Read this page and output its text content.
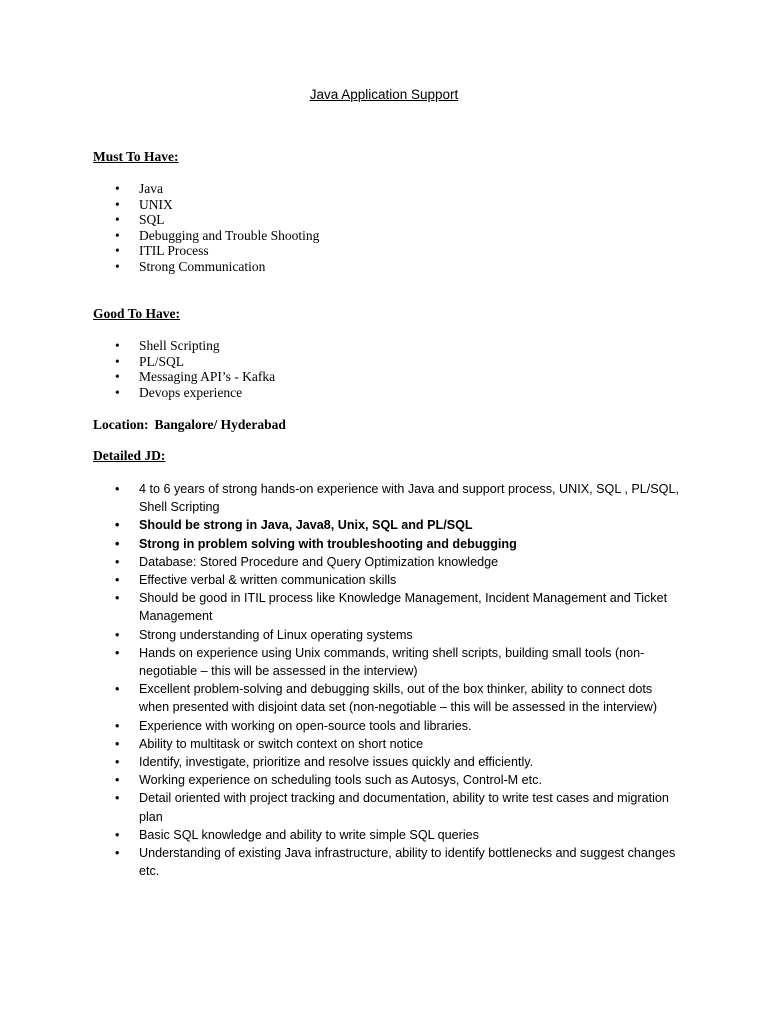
Java Application Support
Must To Have:
• Java
• UNIX
• SQL
• Debugging and Trouble Shooting
• ITIL Process
• Strong Communication
Good To Have:
• Shell Scripting
• PL/SQL
• Messaging API’s - Kafka
• Devops experience
Location: Bangalore/ Hyderabad
Detailed JD:
• 4 to 6 years of strong hands-on experience with Java and support process, UNIX, SQL , PL/SQL, Shell Scripting
• Should be strong in Java, Java8, Unix, SQL and PL/SQL
• Strong in problem solving with troubleshooting and debugging
• Database: Stored Procedure and Query Optimization knowledge
• Effective verbal & written communication skills
• Should be good in ITIL process like Knowledge Management, Incident Management and Ticket Management
• Strong understanding of Linux operating systems
• Hands on experience using Unix commands, writing shell scripts, building small tools (non-negotiable – this will be assessed in the interview)
• Excellent problem-solving and debugging skills, out of the box thinker, ability to connect dots when presented with disjoint data set (non-negotiable – this will be assessed in the interview)
• Experience with working on open-source tools and libraries.
• Ability to multitask or switch context on short notice
• Identify, investigate, prioritize and resolve issues quickly and efficiently.
• Working experience on scheduling tools such as Autosys, Control-M etc.
• Detail oriented with project tracking and documentation, ability to write test cases and migration plan
• Basic SQL knowledge and ability to write simple SQL queries
• Understanding of existing Java infrastructure, ability to identify bottlenecks and suggest changes etc.
